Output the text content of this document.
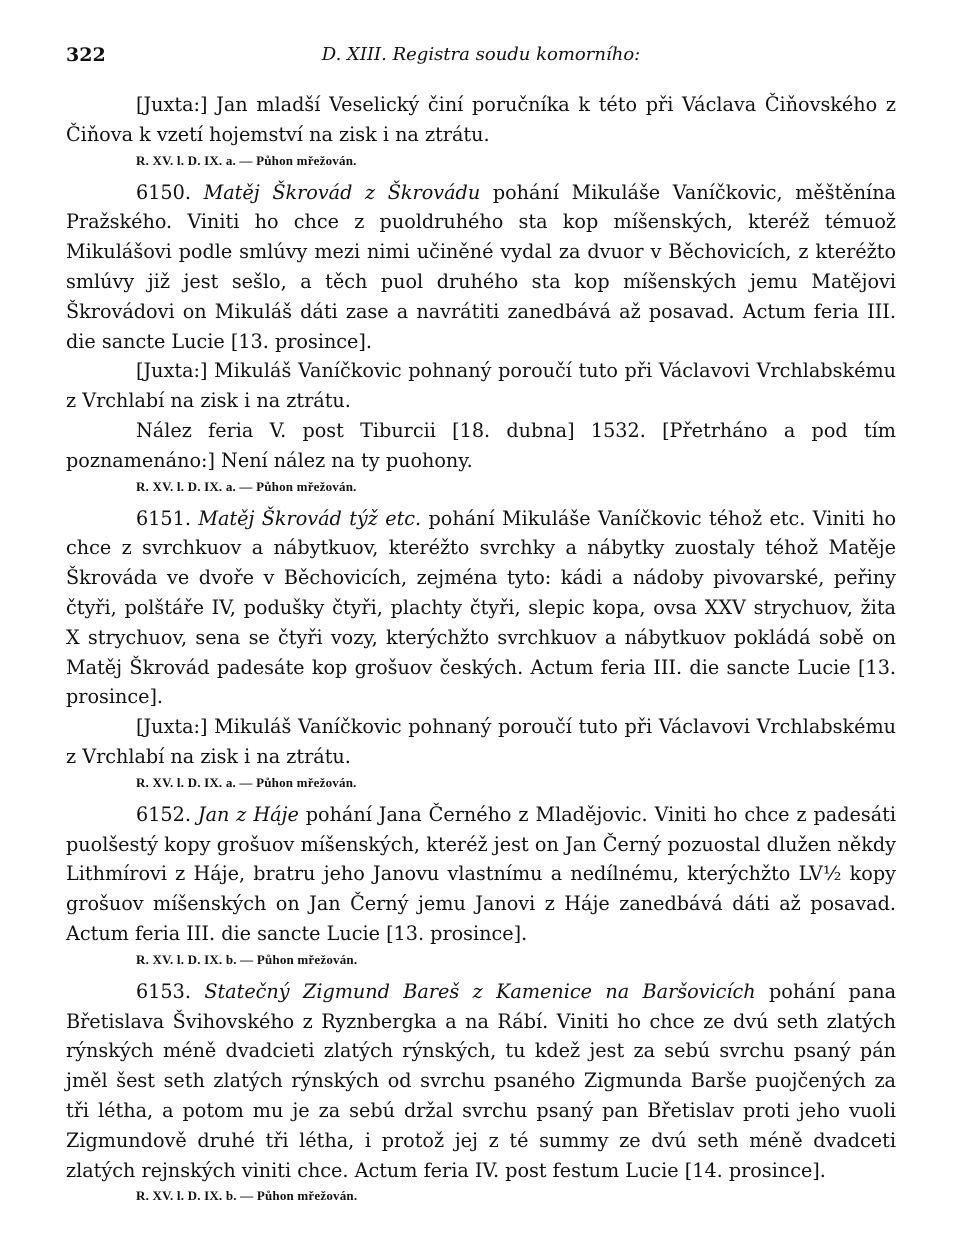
322	D. XIII. Registra soudu komorního:

[Juxta:] Jan mladší Veselický činí poručníka k této při Václava Čiňovského z Čiňova k vzetí hojemství na zisk i na ztrátu.

R. XV. l. D. IX. a. — Půhon mřežován.

6150. Matěj Škrovád z Škrovádu pohání Mikuláše Vaníčkovic, měštěnína Pražského. Viniti ho chce z puoldruhého sta kop míšenských, kteréž témuož Mikulášovi podle smlúvy mezi nimi učiněné vydal za dvuor v Běchovicích, z kteréžto smlúvy již jest sešlo, a těch puol druhého sta kop míšenských jemu Matějovi Škrovádovi on Mikuláš dáti zase a navrátiti zanedbává až posavad. Actum feria III. die sancte Lucie [13. prosince].

[Juxta:] Mikuláš Vaníčkovic pohnaný poroučí tuto při Václavovi Vrchlabskému z Vrchlabí na zisk i na ztrátu.

Nález feria V. post Tiburcii [18. dubna] 1532. [Přetrháno a pod tím poznamenáno:] Není nález na ty puohony.

R. XV. l. D. IX. a. — Půhon mřežován.

6151. Matěj Škrovád týž etc. pohání Mikuláše Vaníčkovic téhož etc. Viniti ho chce z svrchkuov a nábytkuov, kteréžto svrchky a nábytky zuostaly téhož Matěje Škrováda ve dvoře v Běchovicích, zejména tyto: kádi a nádoby pivovarské, peřiny čtyři, polštáře IV, podušky čtyři, plachty čtyři, slepic kopa, ovsa XXV strychuov, žita X strychuov, sena se čtyři vozy, kterýchžto svrchkuov a nábytkuov pokládá sobě on Matěj Škrovád padesáte kop grošuov českých. Actum feria III. die sancte Lucie [13. prosince].

[Juxta:] Mikuláš Vaníčkovic pohnaný poroučí tuto při Václavovi Vrchlabskému z Vrchlabí na zisk i na ztrátu.

R. XV. l. D. IX. a. — Půhon mřežován.

6152. Jan z Háje pohání Jana Černého z Mladějovic. Viniti ho chce z padesáti puolšestý kopy grošuov míšenských, kteréž jest on Jan Černý pozuostal dlužen někdy Lithmírovi z Háje, bratru jeho Janovu vlastnímu a nedílnému, kterýchžto LV½ kopy grošuov míšenských on Jan Černý jemu Janovi z Háje zanedbává dáti až posavad. Actum feria III. die sancte Lucie [13. prosince].

R. XV. l. D. IX. b. — Půhon mřežován.

6153. Statečný Zigmund Bareš z Kamenice na Baršovicích pohání pana Břetislava Švihovského z Ryznbergka a na Rábí. Viniti ho chce ze dvú seth zlatých rýnských méně dvadcieti zlatých rýnských, tu kdež jest za sebú svrchu psaný pán jměl šest seth zlatých rýnských od svrchu psaného Zigmunda Barše puojčených za tři létha, a potom mu je za sebú držal svrchu psaný pan Břetislav proti jeho vuoli Zigmundově druhé tři létha, i protož jej z té summy ze dvú seth méně dvadceti zlatých rejnských viniti chce. Actum feria IV. post festum Lucie [14. prosince].

R. XV. l. D. IX. b. — Půhon mřežován.
